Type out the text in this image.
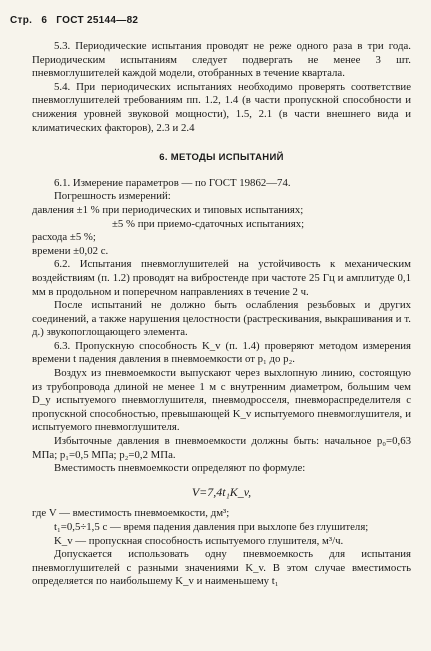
Стр. 6 ГОСТ 25144—82

5.3. Периодические испытания проводят не реже одного раза в три года. Периодическим испытаниям следует подвергать не менее 3 шт. пневмоглушителей каждой модели, отобранных в течение квартала.

5.4. При периодических испытаниях необходимо проверять соответствие пневмоглушителей требованиям пп. 1.2, 1.4 (в части пропускной способности и снижения уровней звуковой мощности), 1.5, 2.1 (в части внешнего вида и климатических факторов), 2.3 и 2.4

6. МЕТОДЫ ИСПЫТАНИЙ

6.1. Измерение параметров — по ГОСТ 19862—74.

Погрешность измерений:

давления ±1 % при периодических и типовых испытаниях;

±5 % при приемо-сдаточных испытаниях;

расхода ±5 %;

времени ±0,02 с.

6.2. Испытания пневмоглушителей на устойчивость к механическим воздействиям (п. 1.2) проводят на вибростенде при частоте 25 Гц и амплитуде 0,1 мм в продольном и поперечном направлениях в течение 2 ч.

После испытаний не должно быть ослабления резьбовых и других соединений, а также нарушения целостности (растрескивания, выкрашивания и т. д.) звукопоглощающего элемента.

6.3. Пропускную способность K_v (п. 1.4) проверяют методом измерения времени t падения давления в пневмоемкости от p₁ до p₂.

Воздух из пневмоемкости выпускают через выхлопную линию, состоящую из трубопровода длиной не менее 1 м с внутренним диаметром, большим чем D_y испытуемого пневмоглушителя, пневмодросселя, пневмораспределителя с пропускной способностью, превышающей K_v испытуемого пневмоглушителя, и испытуемого пневмоглушителя.

Избыточные давления в пневмоемкости должны быть: начальное p₀=0,63 МПа; p₁=0,5 МПа; p₂=0,2 МПа.

Вместимость пневмоемкости определяют по формуле:

V=7,4t₁K_v,

где V — вместимость пневмоемкости, дм³;

t₁=0,5÷1,5 с — время падения давления при выхлопе без глушителя;

K_v — пропускная способность испытуемого глушителя, м³/ч.

Допускается использовать одну пневмоемкость для испытания пневмоглушителей с разными значениями K_v. В этом случае вместимость определяется по наибольшему K_v и наименьшему t₁
